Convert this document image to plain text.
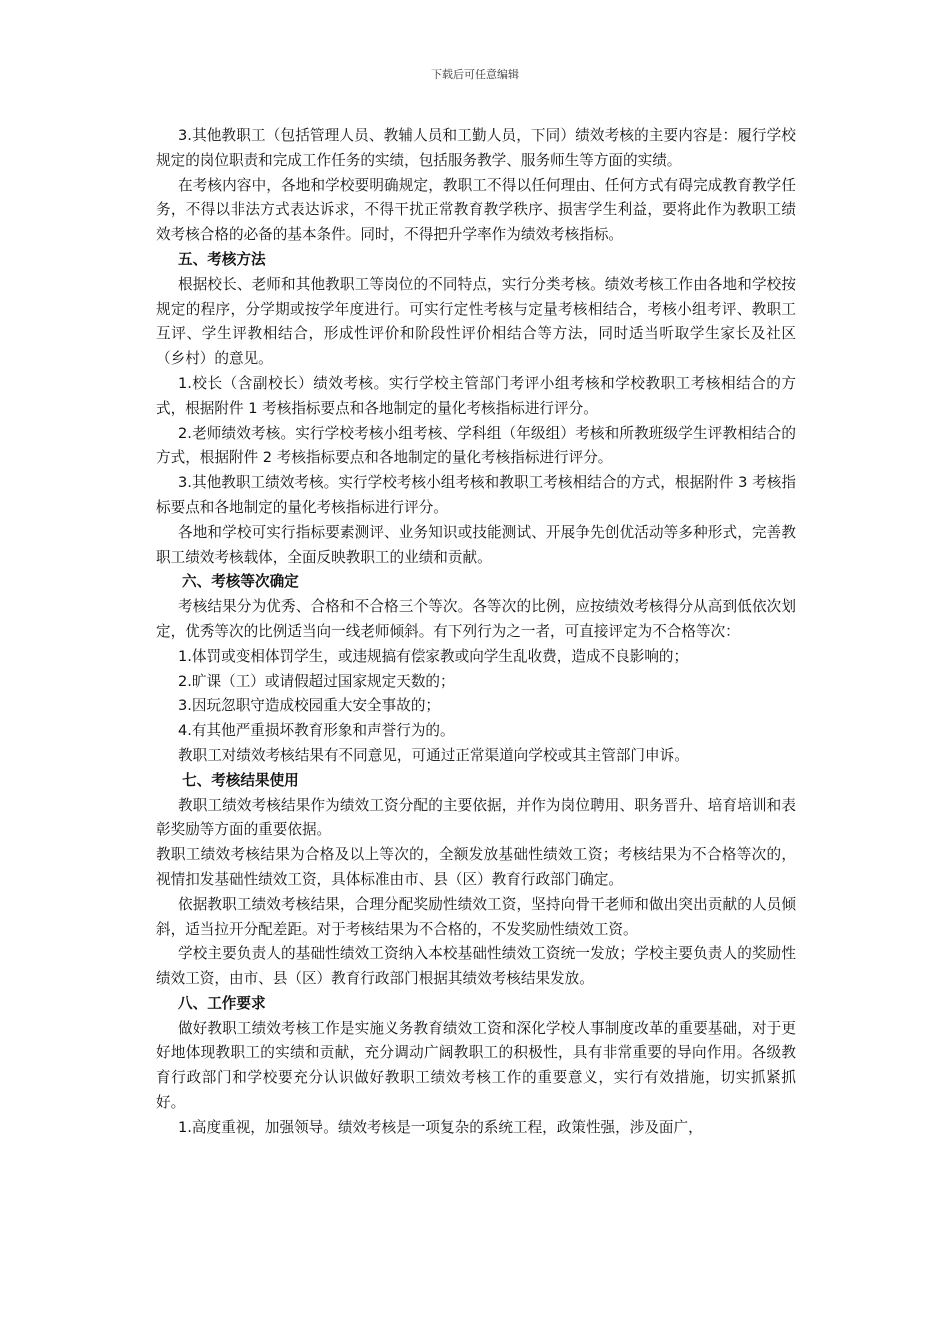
下载后可任意编辑

3.其他教职工（包括管理人员、教辅人员和工勤人员，下同）绩效考核的主要内容是：履行学校规定的岗位职责和完成工作任务的实绩，包括服务教学、服务师生等方面的实绩。

在考核内容中，各地和学校要明确规定，教职工不得以任何理由、任何方式有碍完成教育教学任务，不得以非法方式表达诉求，不得干扰正常教育教学秩序、损害学生利益，要将此作为教职工绩效考核合格的必备的基本条件。同时，不得把升学率作为绩效考核指标。

五、考核方法

根据校长、老师和其他教职工等岗位的不同特点，实行分类考核。绩效考核工作由各地和学校按规定的程序，分学期或按学年度进行。可实行定性考核与定量考核相结合，考核小组考评、教职工互评、学生评教相结合，形成性评价和阶段性评价相结合等方法，同时适当听取学生家长及社区（乡村）的意见。

1.校长（含副校长）绩效考核。实行学校主管部门考评小组考核和学校教职工考核相结合的方式，根据附件 1 考核指标要点和各地制定的量化考核指标进行评分。

2.老师绩效考核。实行学校考核小组考核、学科组（年级组）考核和所教班级学生评教相结合的方式，根据附件 2 考核指标要点和各地制定的量化考核指标进行评分。

3.其他教职工绩效考核。实行学校考核小组考核和教职工考核相结合的方式，根据附件 3 考核指标要点和各地制定的量化考核指标进行评分。

各地和学校可实行指标要素测评、业务知识或技能测试、开展争先创优活动等多种形式，完善教职工绩效考核载体，全面反映教职工的业绩和贡献。

六、考核等次确定

考核结果分为优秀、合格和不合格三个等次。各等次的比例，应按绩效考核得分从高到低依次划定，优秀等次的比例适当向一线老师倾斜。有下列行为之一者，可直接评定为不合格等次：

1.体罚或变相体罚学生，或违规搞有偿家教或向学生乱收费，造成不良影响的；

2.旷课（工）或请假超过国家规定天数的；

3.因玩忽职守造成校园重大安全事故的；

4.有其他严重损坏教育形象和声誉行为的。

教职工对绩效考核结果有不同意见，可通过正常渠道向学校或其主管部门申诉。

七、考核结果使用

教职工绩效考核结果作为绩效工资分配的主要依据，并作为岗位聘用、职务晋升、培育培训和表彰奖励等方面的重要依据。

教职工绩效考核结果为合格及以上等次的，全额发放基础性绩效工资；考核结果为不合格等次的，视情扣发基础性绩效工资，具体标准由市、县（区）教育行政部门确定。

依据教职工绩效考核结果，合理分配奖励性绩效工资，坚持向骨干老师和做出突出贡献的人员倾斜，适当拉开分配差距。对于考核结果为不合格的，不发奖励性绩效工资。

学校主要负责人的基础性绩效工资纳入本校基础性绩效工资统一发放；学校主要负责人的奖励性绩效工资，由市、县（区）教育行政部门根据其绩效考核结果发放。

八、工作要求

做好教职工绩效考核工作是实施义务教育绩效工资和深化学校人事制度改革的重要基础，对于更好地体现教职工的实绩和贡献，充分调动广阔教职工的积极性，具有非常重要的导向作用。各级教育行政部门和学校要充分认识做好教职工绩效考核工作的重要意义，实行有效措施，切实抓紧抓好。

1.高度重视，加强领导。绩效考核是一项复杂的系统工程，政策性强，涉及面广，
